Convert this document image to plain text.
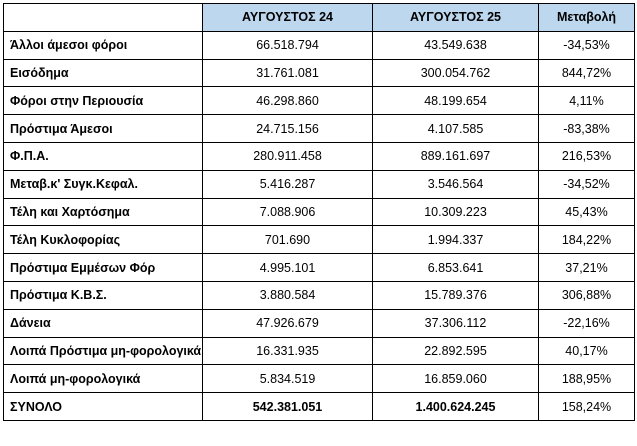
	ΑΥΓΟΥΣΤΟΣ 24	ΑΥΓΟΥΣΤΟΣ 25	Μεταβολή
Άλλοι άμεσοι φόροι	66.518.794	43.549.638	-34,53%
Εισόδημα	31.761.081	300.054.762	844,72%
Φόροι στην Περιουσία	46.298.860	48.199.654	4,11%
Πρόστιμα Άμεσοι	24.715.156	4.107.585	-83,38%
Φ.Π.Α.	280.911.458	889.161.697	216,53%
Μεταβ.κ' Συγκ.Κεφαλ.	5.416.287	3.546.564	-34,52%
Τέλη και Χαρτόσημα	7.088.906	10.309.223	45,43%
Τέλη Κυκλοφορίας	701.690	1.994.337	184,22%
Πρόστιμα Εμμέσων Φόρ	4.995.101	6.853.641	37,21%
Πρόστιμα Κ.Β.Σ.	3.880.584	15.789.376	306,88%
Δάνεια	47.926.679	37.306.112	-22,16%
Λοιπά Πρόστιμα μη-φορολογικά	16.331.935	22.892.595	40,17%
Λοιπά μη-φορολογικά	5.834.519	16.859.060	188,95%
ΣΥΝΟΛΟ	542.381.051	1.400.624.245	158,24%
